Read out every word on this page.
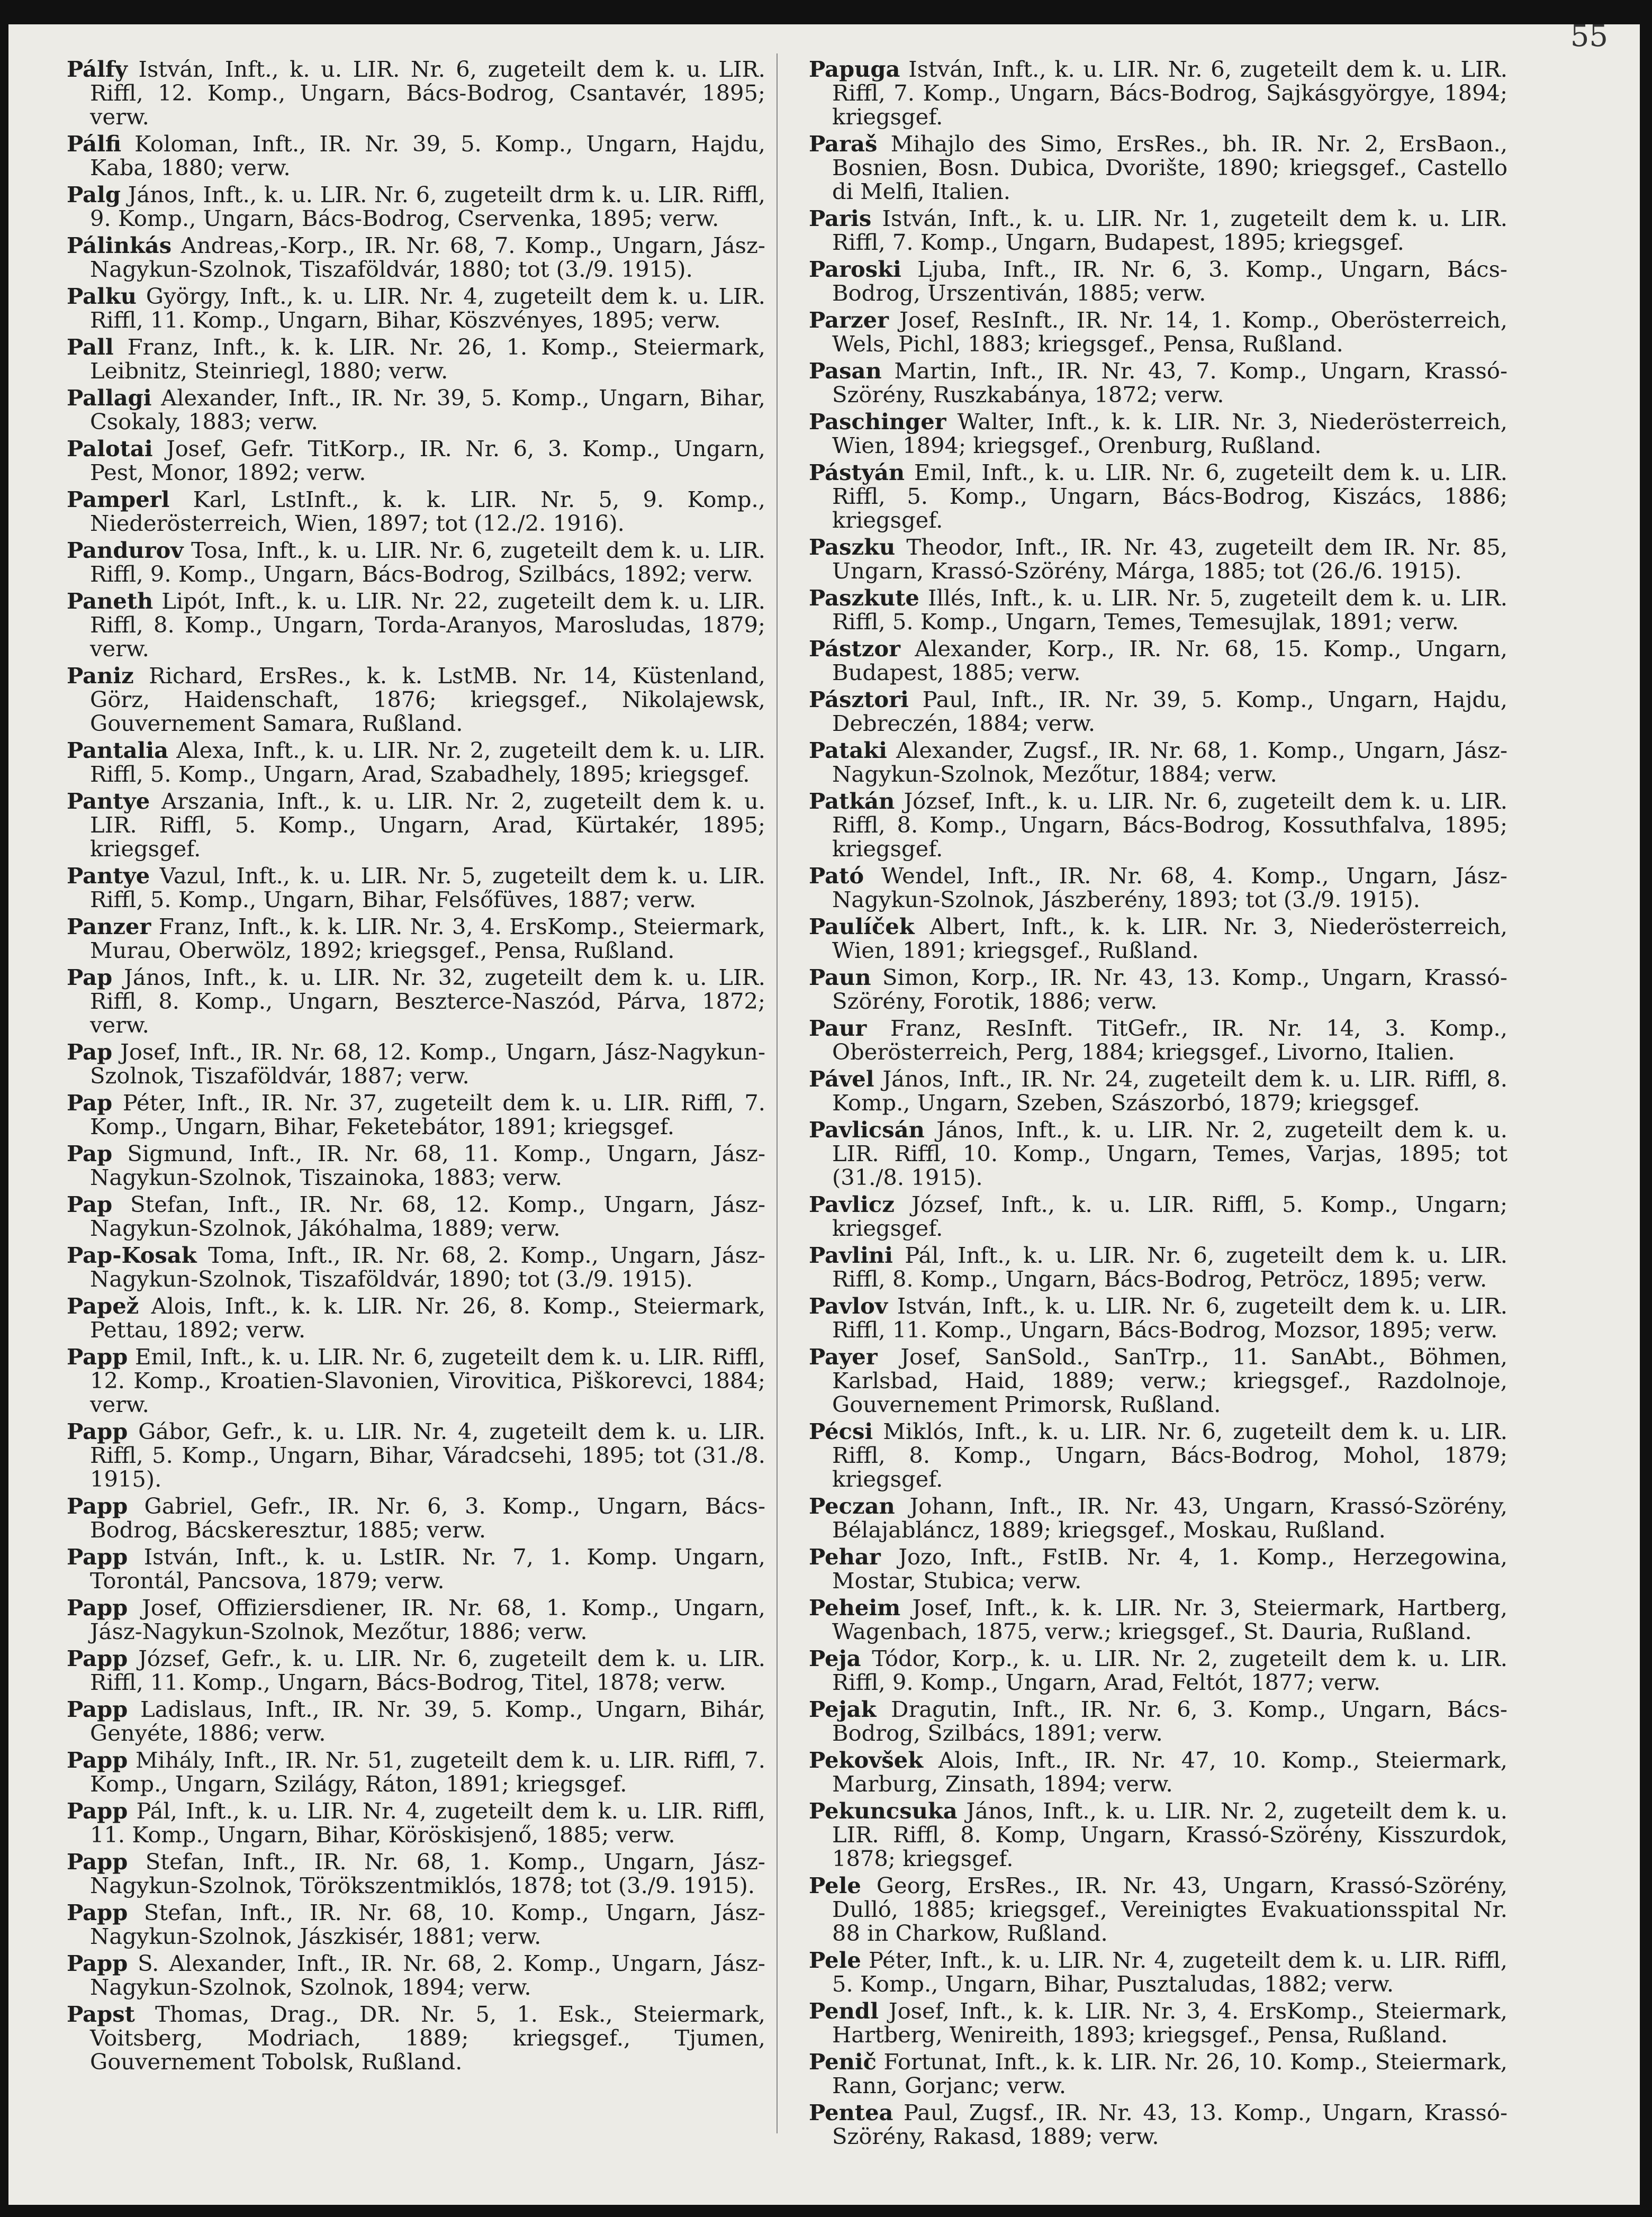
55

Pálfy István, Inft., k. u. LIR. Nr. 6, zugeteilt dem k. u. LIR. Riffl, 12. Komp., Ungarn, Bács-Bodrog, Csantavér, 1895; verw.

Pálfi Koloman, Inft., IR. Nr. 39, 5. Komp., Ungarn, Hajdu, Kaba, 1880; verw.

Palg János, Inft., k. u. LIR. Nr. 6, zugeteilt drm k. u. LIR. Riffl, 9. Komp., Ungarn, Bács-Bodrog, Cservenka, 1895; verw.

Pálinkás Andreas,-Korp., IR. Nr. 68, 7. Komp., Ungarn, Jász-Nagykun-Szolnok, Tiszaföldvár, 1880; tot (3./9. 1915).

Palku György, Inft., k. u. LIR. Nr. 4, zugeteilt dem k. u. LIR. Riffl, 11. Komp., Ungarn, Bihar, Köszvényes, 1895; verw.

Pall Franz, Inft., k. k. LIR. Nr. 26, 1. Komp., Steiermark, Leibnitz, Steinriegl, 1880; verw.

Pallagi Alexander, Inft., IR. Nr. 39, 5. Komp., Ungarn, Bihar, Csokaly, 1883; verw.

Palotai Josef, Gefr. TitKorp., IR. Nr. 6, 3. Komp., Ungarn, Pest, Monor, 1892; verw.

Pamperl Karl, LstInft., k. k. LIR. Nr. 5, 9. Komp., Niederösterreich, Wien, 1897; tot (12./2. 1916).

Pandurov Tosa, Inft., k. u. LIR. Nr. 6, zugeteilt dem k. u. LIR. Riffl, 9. Komp., Ungarn, Bács-Bodrog, Szilbács, 1892; verw.

Paneth Lipót, Inft., k. u. LIR. Nr. 22, zugeteilt dem k. u. LIR. Riffl, 8. Komp., Ungarn, Torda-Aranyos, Marosludas, 1879; verw.

Paniz Richard, ErsRes., k. k. LstMB. Nr. 14, Küstenland, Görz, Haidenschaft, 1876; kriegsgef., Nikolajewsk, Gouvernement Samara, Rußland.

Pantalia Alexa, Inft., k. u. LIR. Nr. 2, zugeteilt dem k. u. LIR. Riffl, 5. Komp., Ungarn, Arad, Szabadhely, 1895; kriegsgef.

Pantye Arszania, Inft., k. u. LIR. Nr. 2, zugeteilt dem k. u. LIR. Riffl, 5. Komp., Ungarn, Arad, Kürtakér, 1895; kriegsgef.

Pantye Vazul, Inft., k. u. LIR. Nr. 5, zugeteilt dem k. u. LIR. Riffl, 5. Komp., Ungarn, Bihar, Felsőfüves, 1887; verw.

Panzer Franz, Inft., k. k. LIR. Nr. 3, 4. ErsKomp., Steiermark, Murau, Oberwölz, 1892; kriegsgef., Pensa, Rußland.

Pap János, Inft., k. u. LIR. Nr. 32, zugeteilt dem k. u. LIR. Riffl, 8. Komp., Ungarn, Beszterce-Naszód, Párva, 1872; verw.

Pap Josef, Inft., IR. Nr. 68, 12. Komp., Ungarn, Jász-Nagykun-Szolnok, Tiszaföldvár, 1887; verw.

Pap Péter, Inft., IR. Nr. 37, zugeteilt dem k. u. LIR. Riffl, 7. Komp., Ungarn, Bihar, Feketebátor, 1891; kriegsgef.

Pap Sigmund, Inft., IR. Nr. 68, 11. Komp., Ungarn, Jász-Nagykun-Szolnok, Tiszainoka, 1883; verw.

Pap Stefan, Inft., IR. Nr. 68, 12. Komp., Ungarn, Jász-Nagykun-Szolnok, Jákóhalma, 1889; verw.

Pap-Kosak Toma, Inft., IR. Nr. 68, 2. Komp., Ungarn, Jász-Nagykun-Szolnok, Tiszaföldvár, 1890; tot (3./9. 1915).

Papež Alois, Inft., k. k. LIR. Nr. 26, 8. Komp., Steiermark, Pettau, 1892; verw.

Papp Emil, Inft., k. u. LIR. Nr. 6, zugeteilt dem k. u. LIR. Riffl, 12. Komp., Kroatien-Slavonien, Virovitica, Piškorevci, 1884; verw.

Papp Gábor, Gefr., k. u. LIR. Nr. 4, zugeteilt dem k. u. LIR. Riffl, 5. Komp., Ungarn, Bihar, Váradcsehi, 1895; tot (31./8. 1915).

Papp Gabriel, Gefr., IR. Nr. 6, 3. Komp., Ungarn, Bács-Bodrog, Bácskeresztur, 1885; verw.

Papp István, Inft., k. u. LstIR. Nr. 7, 1. Komp. Ungarn, Torontál, Pancsova, 1879; verw.

Papp Josef, Offiziersdiener, IR. Nr. 68, 1. Komp., Ungarn, Jász-Nagykun-Szolnok, Mezőtur, 1886; verw.

Papp József, Gefr., k. u. LIR. Nr. 6, zugeteilt dem k. u. LIR. Riffl, 11. Komp., Ungarn, Bács-Bodrog, Titel, 1878; verw.

Papp Ladislaus, Inft., IR. Nr. 39, 5. Komp., Ungarn, Bihár, Genyéte, 1886; verw.

Papp Mihály, Inft., IR. Nr. 51, zugeteilt dem k. u. LIR. Riffl, 7. Komp., Ungarn, Szilágy, Ráton, 1891; kriegsgef.

Papp Pál, Inft., k. u. LIR. Nr. 4, zugeteilt dem k. u. LIR. Riffl, 11. Komp., Ungarn, Bihar, Köröskisjenő, 1885; verw.

Papp Stefan, Inft., IR. Nr. 68, 1. Komp., Ungarn, Jász-Nagykun-Szolnok, Törökszentmiklós, 1878; tot (3./9. 1915).

Papp Stefan, Inft., IR. Nr. 68, 10. Komp., Ungarn, Jász-Nagykun-Szolnok, Jászkisér, 1881; verw.

Papp S. Alexander, Inft., IR. Nr. 68, 2. Komp., Ungarn, Jász-Nagykun-Szolnok, Szolnok, 1894; verw.

Papst Thomas, Drag., DR. Nr. 5, 1. Esk., Steiermark, Voitsberg, Modriach, 1889; kriegsgef., Tjumen, Gouvernement Tobolsk, Rußland.

Papuga István, Inft., k. u. LIR. Nr. 6, zugeteilt dem k. u. LIR. Riffl, 7. Komp., Ungarn, Bács-Bodrog, Sajkásgyörgye, 1894; kriegsgef.

Paraš Mihajlo des Simo, ErsRes., bh. IR. Nr. 2, ErsBaon., Bosnien, Bosn. Dubica, Dvorište, 1890; kriegsgef., Castello di Melfi, Italien.

Paris István, Inft., k. u. LIR. Nr. 1, zugeteilt dem k. u. LIR. Riffl, 7. Komp., Ungarn, Budapest, 1895; kriegsgef.

Paroski Ljuba, Inft., IR. Nr. 6, 3. Komp., Ungarn, Bács-Bodrog, Urszentiván, 1885; verw.

Parzer Josef, ResInft., IR. Nr. 14, 1. Komp., Oberösterreich, Wels, Pichl, 1883; kriegsgef., Pensa, Rußland.

Pasan Martin, Inft., IR. Nr. 43, 7. Komp., Ungarn, Krassó-Szörény, Ruszkabánya, 1872; verw.

Paschinger Walter, Inft., k. k. LIR. Nr. 3, Niederösterreich, Wien, 1894; kriegsgef., Orenburg, Rußland.

Pástyán Emil, Inft., k. u. LIR. Nr. 6, zugeteilt dem k. u. LIR. Riffl, 5. Komp., Ungarn, Bács-Bodrog, Kiszács, 1886; kriegsgef.

Paszku Theodor, Inft., IR. Nr. 43, zugeteilt dem IR. Nr. 85, Ungarn, Krassó-Szörény, Márga, 1885; tot (26./6. 1915).

Paszkute Illés, Inft., k. u. LIR. Nr. 5, zugeteilt dem k. u. LIR. Riffl, 5. Komp., Ungarn, Temes, Temesujlak, 1891; verw.

Pástzor Alexander, Korp., IR. Nr. 68, 15. Komp., Ungarn, Budapest, 1885; verw.

Pásztori Paul, Inft., IR. Nr. 39, 5. Komp., Ungarn, Hajdu, Debreczén, 1884; verw.

Pataki Alexander, Zugsf., IR. Nr. 68, 1. Komp., Ungarn, Jász-Nagykun-Szolnok, Mezőtur, 1884; verw.

Patkán József, Inft., k. u. LIR. Nr. 6, zugeteilt dem k. u. LIR. Riffl, 8. Komp., Ungarn, Bács-Bodrog, Kossuthfalva, 1895; kriegsgef.

Pató Wendel, Inft., IR. Nr. 68, 4. Komp., Ungarn, Jász-Nagykun-Szolnok, Jászberény, 1893; tot (3./9. 1915).

Paulíček Albert, Inft., k. k. LIR. Nr. 3, Niederösterreich, Wien, 1891; kriegsgef., Rußland.

Paun Simon, Korp., IR. Nr. 43, 13. Komp., Ungarn, Krassó-Szörény, Forotik, 1886; verw.

Paur Franz, ResInft. TitGefr., IR. Nr. 14, 3. Komp., Oberösterreich, Perg, 1884; kriegsgef., Livorno, Italien.

Pável János, Inft., IR. Nr. 24, zugeteilt dem k. u. LIR. Riffl, 8. Komp., Ungarn, Szeben, Szászorbó, 1879; kriegsgef.

Pavlicsán János, Inft., k. u. LIR. Nr. 2, zugeteilt dem k. u. LIR. Riffl, 10. Komp., Ungarn, Temes, Varjas, 1895; tot (31./8. 1915).

Pavlicz József, Inft., k. u. LIR. Riffl, 5. Komp., Ungarn; kriegsgef.

Pavlini Pál, Inft., k. u. LIR. Nr. 6, zugeteilt dem k. u. LIR. Riffl, 8. Komp., Ungarn, Bács-Bodrog, Petröcz, 1895; verw.

Pavlov István, Inft., k. u. LIR. Nr. 6, zugeteilt dem k. u. LIR. Riffl, 11. Komp., Ungarn, Bács-Bodrog, Mozsor, 1895; verw.

Payer Josef, SanSold., SanTrp., 11. SanAbt., Böhmen, Karlsbad, Haid, 1889; verw.; kriegsgef., Razdolnoje, Gouvernement Primorsk, Rußland.

Pécsi Miklós, Inft., k. u. LIR. Nr. 6, zugeteilt dem k. u. LIR. Riffl, 8. Komp., Ungarn, Bács-Bodrog, Mohol, 1879; kriegsgef.

Peczan Johann, Inft., IR. Nr. 43, Ungarn, Krassó-Szörény, Bélajabláncz, 1889; kriegsgef., Moskau, Rußland.

Pehar Jozo, Inft., FstIB. Nr. 4, 1. Komp., Herzegowina, Mostar, Stubica; verw.

Peheim Josef, Inft., k. k. LIR. Nr. 3, Steiermark, Hartberg, Wagenbach, 1875, verw.; kriegsgef., St. Dauria, Rußland.

Peja Tódor, Korp., k. u. LIR. Nr. 2, zugeteilt dem k. u. LIR. Riffl, 9. Komp., Ungarn, Arad, Feltót, 1877; verw.

Pejak Dragutin, Inft., IR. Nr. 6, 3. Komp., Ungarn, Bács-Bodrog, Szilbács, 1891; verw.

Pekovšek Alois, Inft., IR. Nr. 47, 10. Komp., Steiermark, Marburg, Zinsath, 1894; verw.

Pekuncsuka János, Inft., k. u. LIR. Nr. 2, zugeteilt dem k. u. LIR. Riffl, 8. Komp, Ungarn, Krassó-Szörény, Kisszurdok, 1878; kriegsgef.

Pele Georg, ErsRes., IR. Nr. 43, Ungarn, Krassó-Szörény, Dulló, 1885; kriegsgef., Vereinigtes Evakuationsspital Nr. 88 in Charkow, Rußland.

Pele Péter, Inft., k. u. LIR. Nr. 4, zugeteilt dem k. u. LIR. Riffl, 5. Komp., Ungarn, Bihar, Pusztaludas, 1882; verw.

Pendl Josef, Inft., k. k. LIR. Nr. 3, 4. ErsKomp., Steiermark, Hartberg, Wenireith, 1893; kriegsgef., Pensa, Rußland.

Penič Fortunat, Inft., k. k. LIR. Nr. 26, 10. Komp., Steiermark, Rann, Gorjanc; verw.

Pentea Paul, Zugsf., IR. Nr. 43, 13. Komp., Ungarn, Krassó-Szörény, Rakasd, 1889; verw.
